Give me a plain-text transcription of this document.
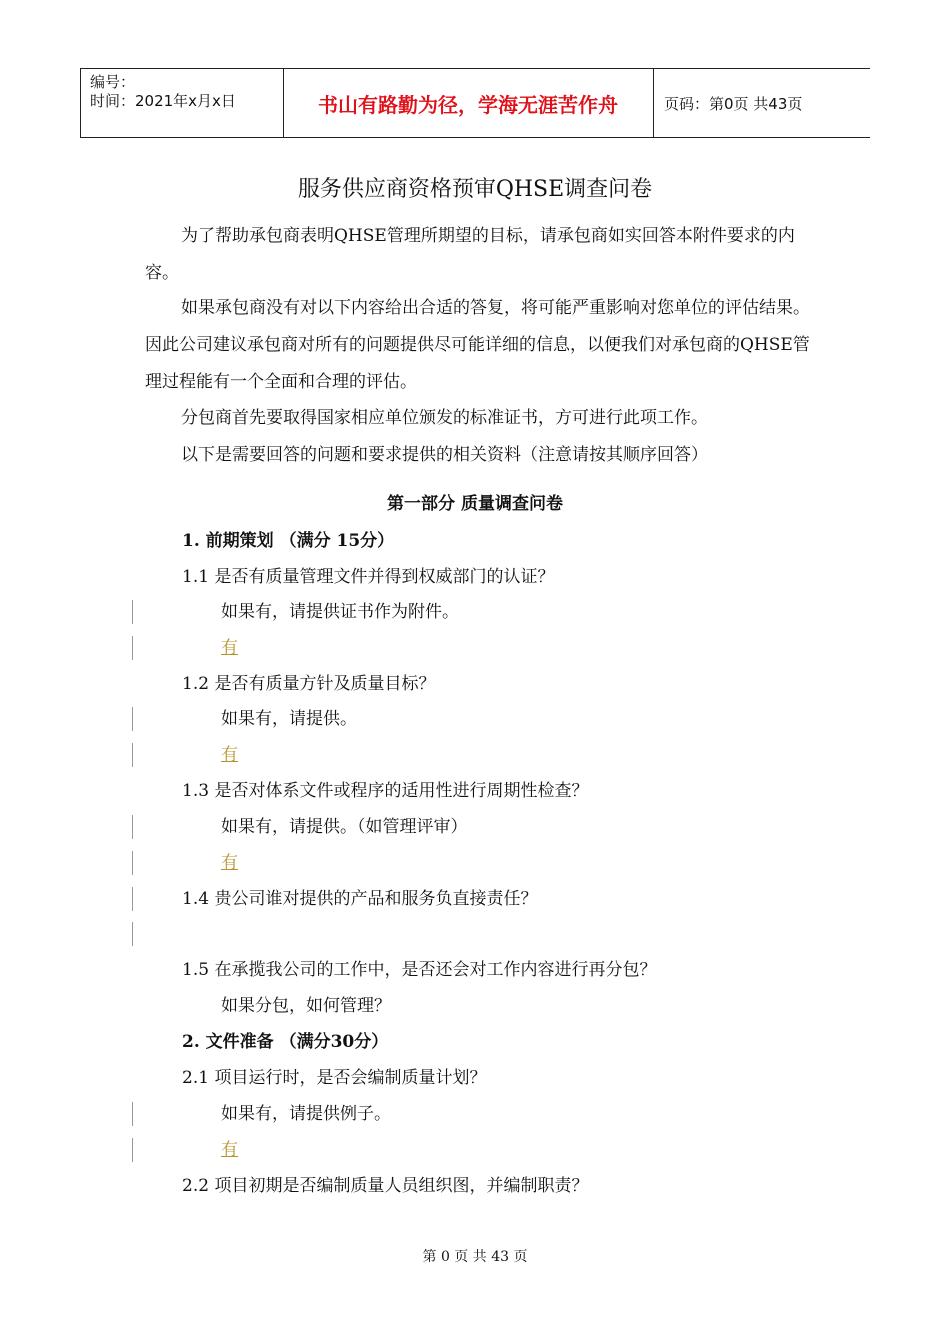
编号：
时间：2021年x月x日	书山有路勤为径，学海无涯苦作舟	页码：第0页 共43页
服务供应商资格预审QHSE调查问卷
为了帮助承包商表明QHSE管理所期望的目标，请承包商如实回答本附件要求的内容。
如果承包商没有对以下内容给出合适的答复，将可能严重影响对您单位的评估结果。因此公司建议承包商对所有的问题提供尽可能详细的信息，以便我们对承包商的QHSE管理过程能有一个全面和合理的评估。
分包商首先要取得国家相应单位颁发的标准证书，方可进行此项工作。
以下是需要回答的问题和要求提供的相关资料（注意请按其顺序回答）
第一部分 质量调查问卷
1. 前期策划 （满分 15分）
1.1 是否有质量管理文件并得到权威部门的认证？
如果有，请提供证书作为附件。
有
1.2 是否有质量方针及质量目标？
如果有，请提供。
有
1.3 是否对体系文件或程序的适用性进行周期性检查？
如果有，请提供。（如管理评审）
有
1.4 贵公司谁对提供的产品和服务负直接责任？
1.5 在承揽我公司的工作中，是否还会对工作内容进行再分包？
如果分包，如何管理？
2. 文件准备 （满分30分）
2.1 项目运行时，是否会编制质量计划？
如果有，请提供例子。
有
2.2 项目初期是否编制质量人员组织图，并编制职责？
第 0 页 共 43 页
